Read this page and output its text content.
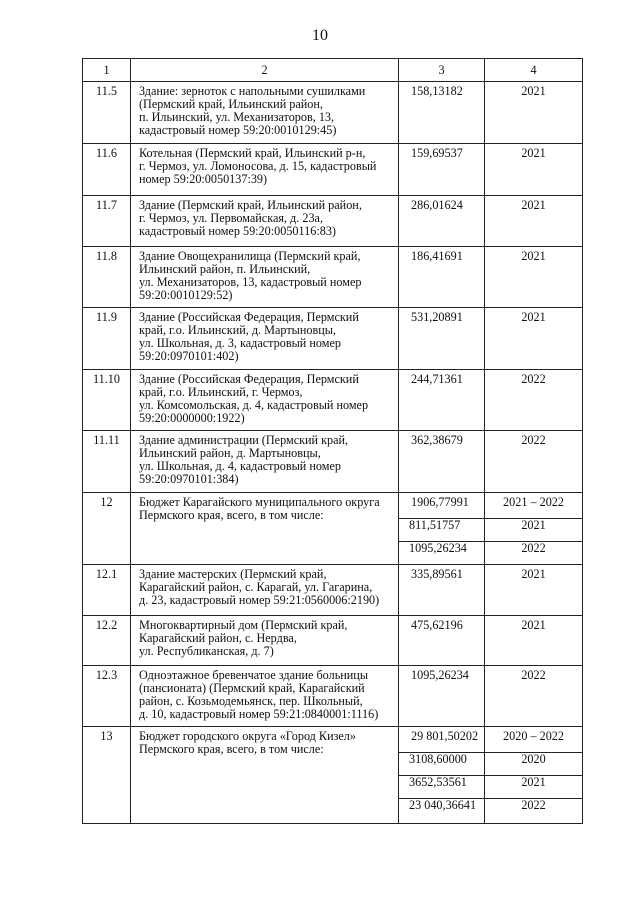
10
1	2	3	4

11.5	Здание: зерноток с напольными сушилками
(Пермский край, Ильинский район,
п. Ильинский, ул. Механизаторов, 13,
кадастровый номер 59:20:0010129:45)	158,13182	2021

11.6	Котельная (Пермский край, Ильинский р-н,
г. Чермоз, ул. Ломоносова, д. 15, кадастровый
номер 59:20:0050137:39)	159,69537	2021

11.7	Здание (Пермский край, Ильинский район,
г. Чермоз, ул. Первомайская, д. 23а,
кадастровый номер 59:20:0050116:83)	286,01624	2021

11.8	Здание Овощехранилища (Пермский край,
Ильинский район, п. Ильинский,
ул. Механизаторов, 13, кадастровый номер
59:20:0010129:52)	186,41691	2021

11.9	Здание (Российская Федерация, Пермский
край, г.о. Ильинский, д. Мартыновцы,
ул. Школьная, д. 3, кадастровый номер
59:20:0970101:402)	531,20891	2021

11.10	Здание (Российская Федерация, Пермский
край, г.о. Ильинский, г. Чермоз,
ул. Комсомольская, д. 4, кадастровый номер
59:20:0000000:1922)	244,71361	2022

11.11	Здание администрации (Пермский край,
Ильинский район, д. Мартыновцы,
ул. Школьная, д. 4, кадастровый номер
59:20:0970101:384)	362,38679	2022

12	Бюджет Карагайского муниципального округа
Пермского края, всего, в том числе:	1906,77991	2021 – 2022

		811,51757	2021

		1095,26234	2022

12.1	Здание мастерских (Пермский край,
Карагайский район, с. Карагай, ул. Гагарина,
д. 23, кадастровый номер 59:21:0560006:2190)	335,89561	2021

12.2	Многоквартирный дом (Пермский край,
Карагайский район, с. Нердва,
ул. Республиканская, д. 7)	475,62196	2021

12.3	Одноэтажное бревенчатое здание больницы
(пансионата) (Пермский край, Карагайский
район, с. Козьмодемьянск, пер. Школьный,
д. 10, кадастровый номер 59:21:0840001:1116)	1095,26234	2022

13	Бюджет городского округа «Город Кизел»
Пермского края, всего, в том числе:	29 801,50202	2020 – 2022

		3108,60000	2020

		3652,53561	2021

		23 040,36641	2022
